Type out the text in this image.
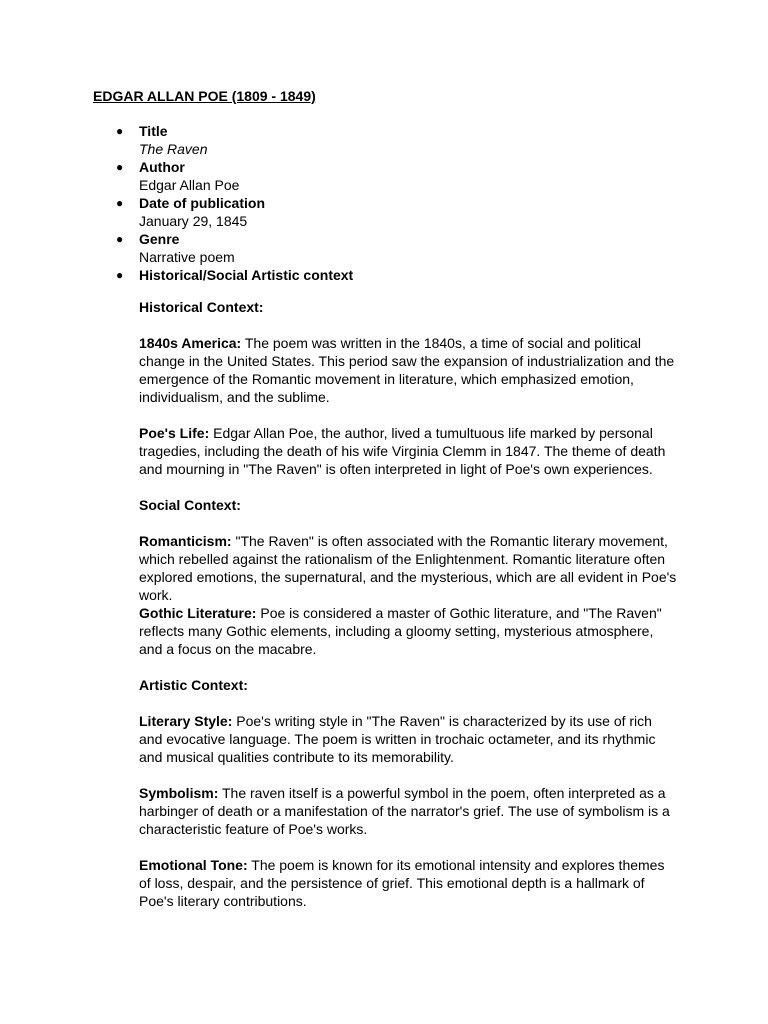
EDGAR ALLAN POE (1809 - 1849)
● Title
The Raven
● Author
Edgar Allan Poe
● Date of publication
January 29, 1845
● Genre
Narrative poem
● Historical/Social Artistic context

Historical Context:

1840s America: The poem was written in the 1840s, a time of social and political change in the United States. This period saw the expansion of industrialization and the emergence of the Romantic movement in literature, which emphasized emotion, individualism, and the sublime.

Poe's Life: Edgar Allan Poe, the author, lived a tumultuous life marked by personal tragedies, including the death of his wife Virginia Clemm in 1847. The theme of death and mourning in "The Raven" is often interpreted in light of Poe's own experiences.

Social Context:

Romanticism: "The Raven" is often associated with the Romantic literary movement, which rebelled against the rationalism of the Enlightenment. Romantic literature often explored emotions, the supernatural, and the mysterious, which are all evident in Poe's work.

Gothic Literature: Poe is considered a master of Gothic literature, and "The Raven" reflects many Gothic elements, including a gloomy setting, mysterious atmosphere, and a focus on the macabre.

Artistic Context:

Literary Style: Poe's writing style in "The Raven" is characterized by its use of rich and evocative language. The poem is written in trochaic octameter, and its rhythmic and musical qualities contribute to its memorability.

Symbolism: The raven itself is a powerful symbol in the poem, often interpreted as a harbinger of death or a manifestation of the narrator's grief. The use of symbolism is a characteristic feature of Poe's works.

Emotional Tone: The poem is known for its emotional intensity and explores themes of loss, despair, and the persistence of grief. This emotional depth is a hallmark of Poe's literary contributions.
